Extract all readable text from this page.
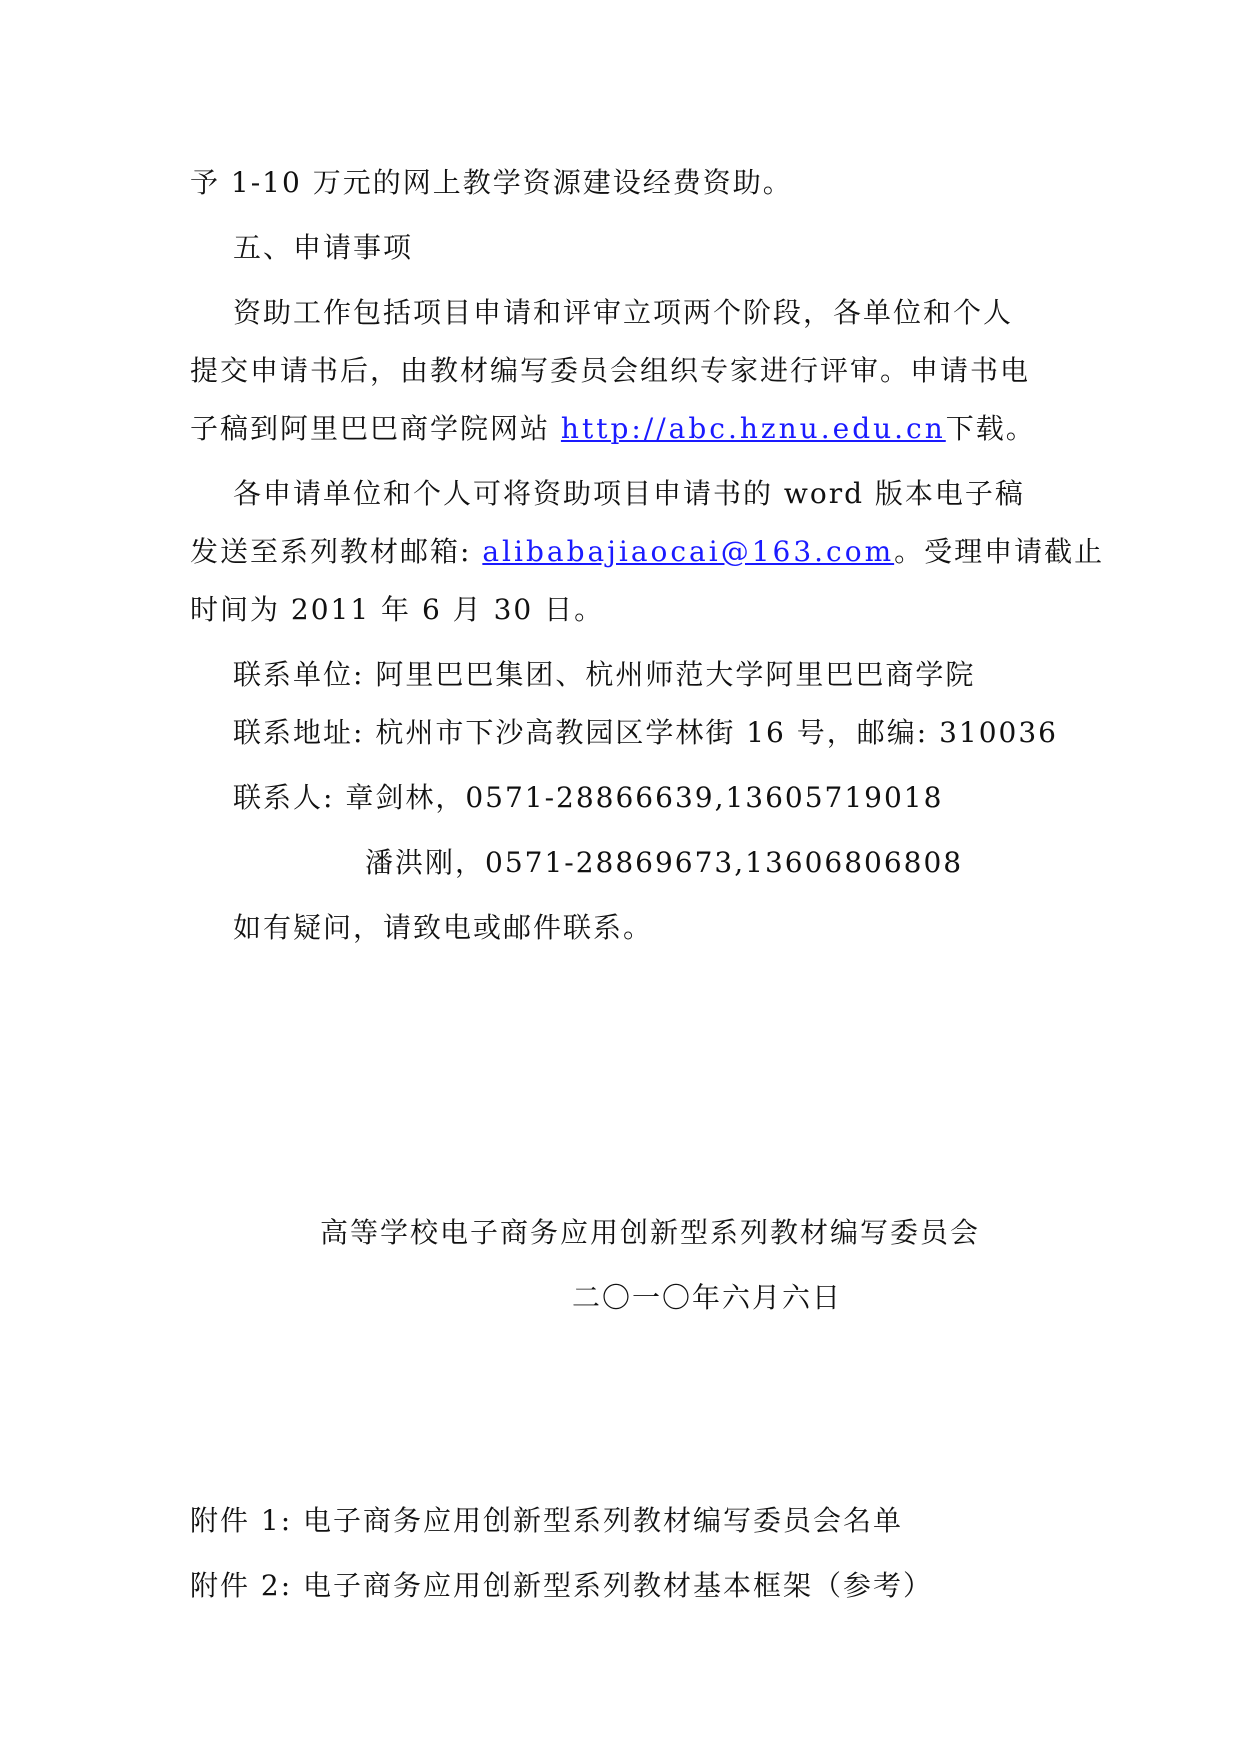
予 1-10 万元的网上教学资源建设经费资助。
五、申请事项
资助工作包括项目申请和评审立项两个阶段，各单位和个人
提交申请书后，由教材编写委员会组织专家进行评审。申请书电
子稿到阿里巴巴商学院网站 http://abc.hznu.edu.cn下载。
各申请单位和个人可将资助项目申请书的 word 版本电子稿
发送至系列教材邮箱: alibabajiaocai@163.com。受理申请截止
时间为 2011 年 6 月 30 日。
联系单位: 阿里巴巴集团、杭州师范大学阿里巴巴商学院
联系地址: 杭州市下沙高教园区学林街 16 号，邮编: 310036
联系人: 章剑林，0571-28866639,13605719018
潘洪刚，0571-28869673,13606806808
如有疑问，请致电或邮件联系。
高等学校电子商务应用创新型系列教材编写委员会
二〇一〇年六月六日
附件 1: 电子商务应用创新型系列教材编写委员会名单
附件 2: 电子商务应用创新型系列教材基本框架（参考）
